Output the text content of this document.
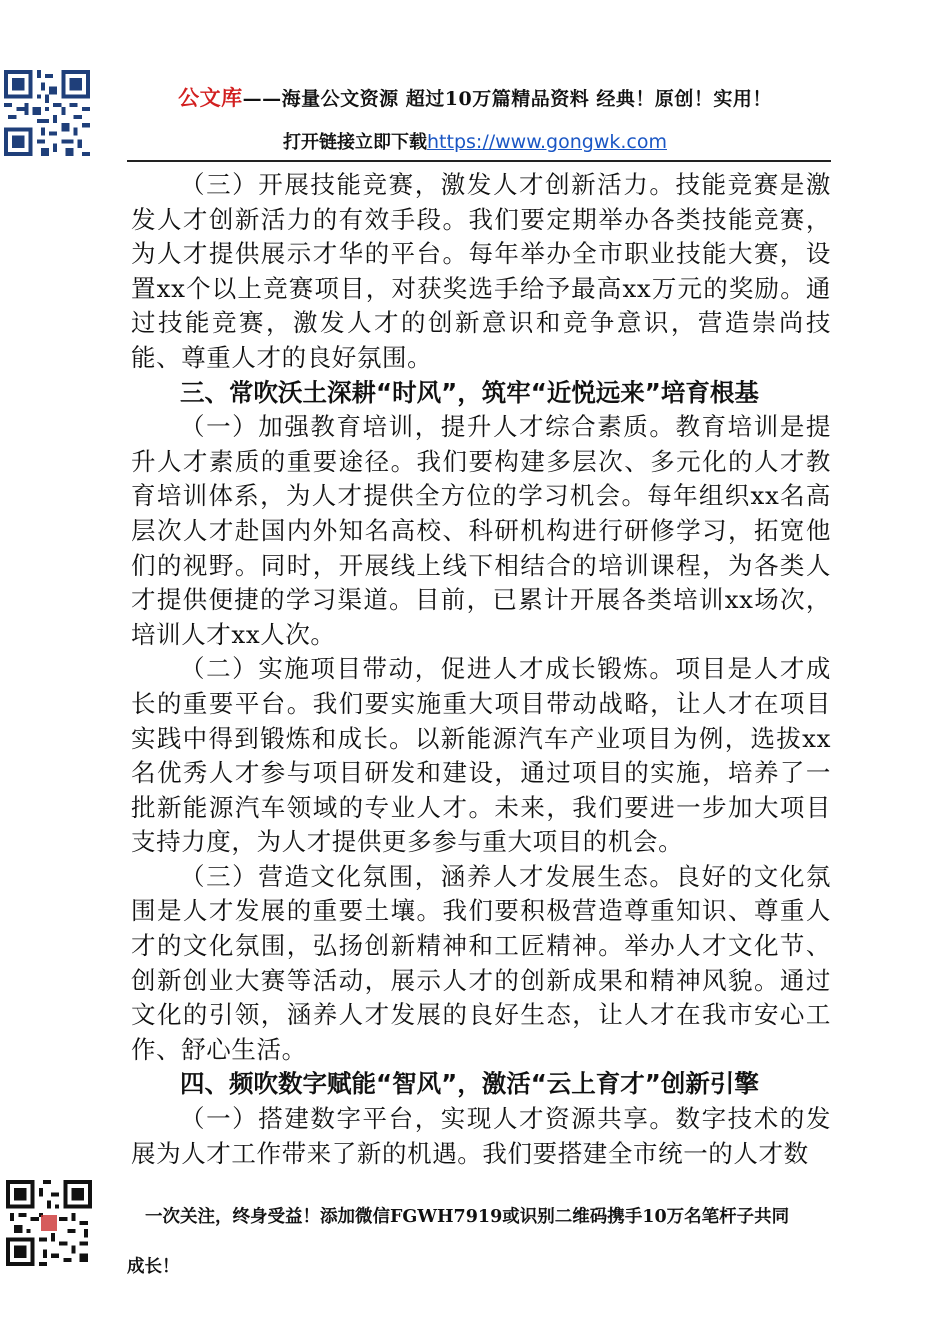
公文库——海量公文资源 超过10万篇精品资料 经典！原创！实用！
打开链接立即下载https://www.gongwk.com

（三）开展技能竞赛，激发人才创新活力。技能竞赛是激发人才创新活力的有效手段。我们要定期举办各类技能竞赛，为人才提供展示才华的平台。每年举办全市职业技能大赛，设置xx个以上竞赛项目，对获奖选手给予最高xx万元的奖励。通过技能竞赛，激发人才的创新意识和竞争意识，营造崇尚技能、尊重人才的良好氛围。

三、常吹沃土深耕“时风”，筑牢“近悦远来”培育根基

（一）加强教育培训，提升人才综合素质。教育培训是提升人才素质的重要途径。我们要构建多层次、多元化的人才教育培训体系，为人才提供全方位的学习机会。每年组织xx名高层次人才赴国内外知名高校、科研机构进行研修学习，拓宽他们的视野。同时，开展线上线下相结合的培训课程，为各类人才提供便捷的学习渠道。目前，已累计开展各类培训xx场次，培训人才xx人次。

（二）实施项目带动，促进人才成长锻炼。项目是人才成长的重要平台。我们要实施重大项目带动战略，让人才在项目实践中得到锻炼和成长。以新能源汽车产业项目为例，选拔xx名优秀人才参与项目研发和建设，通过项目的实施，培养了一批新能源汽车领域的专业人才。未来，我们要进一步加大项目支持力度，为人才提供更多参与重大项目的机会。

（三）营造文化氛围，涵养人才发展生态。良好的文化氛围是人才发展的重要土壤。我们要积极营造尊重知识、尊重人才的文化氛围，弘扬创新精神和工匠精神。举办人才文化节、创新创业大赛等活动，展示人才的创新成果和精神风貌。通过文化的引领，涵养人才发展的良好生态，让人才在我市安心工作、舒心生活。

四、频吹数字赋能“智风”，激活“云上育才”创新引擎

（一）搭建数字平台，实现人才资源共享。数字技术的发展为人才工作带来了新的机遇。我们要搭建全市统一的人才数

一次关注，终身受益！添加微信FGWH7919或识别二维码携手10万名笔杆子共同
成长！
